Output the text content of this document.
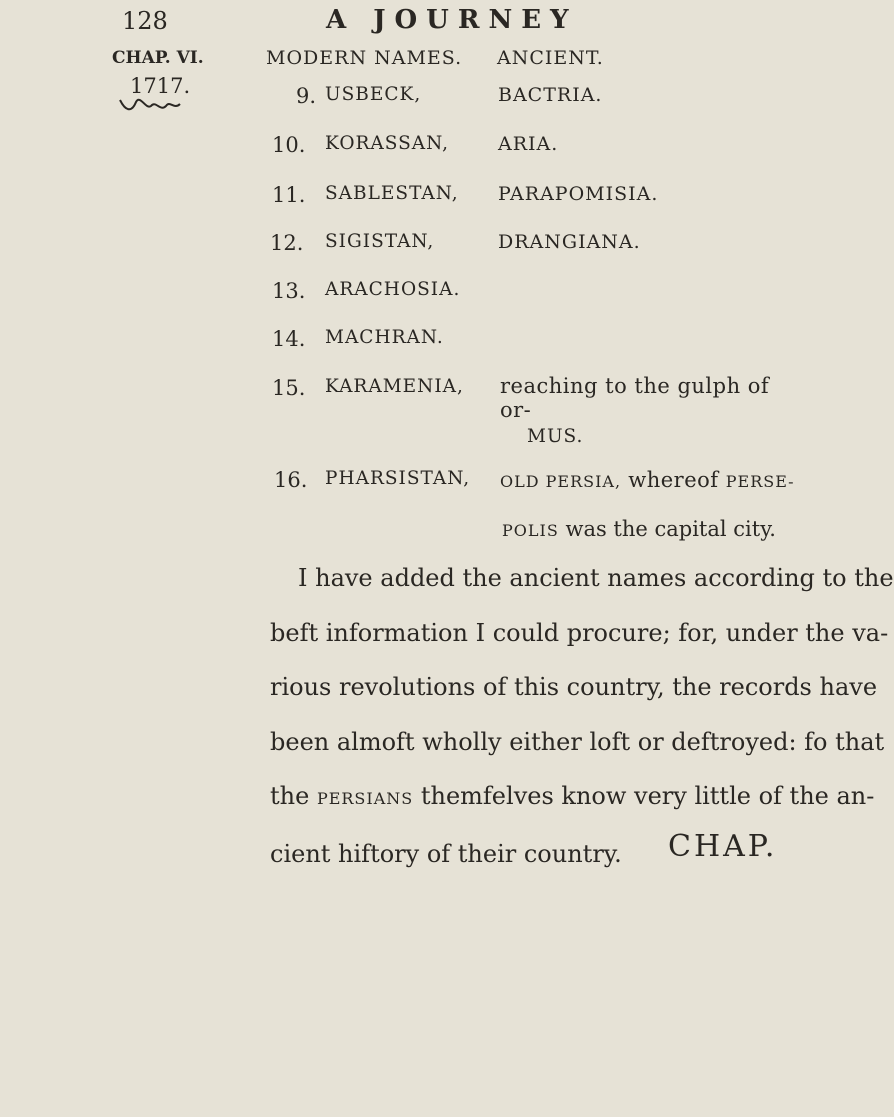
128	A JOURNEY
CHAP. VI.
1717.
MODERN NAMES. ANCIENT.
9. USBECK,	BACTRIA.
10. KORASSAN,	ARIA.
11. SABLESTAN, PARAPOMISIA.
12. SIGISTAN,	DRANGIANA.
13. ARACHOSIA.
14. MACHRAN.
15. KARAMENIA, reaching to the gulph of or-
MUS.
16. PHARSISTAN, OLD PERSIA, whereof PERSE-
POLIS was the capital city.
I have added the ancient names according to the
beft information I could procure; for, under the va-
rious revolutions of this country, the records have
been almoft wholly either loft or deftroyed: fo that
the PERSIANS themfelves know very little of the an-
cient hiftory of their country.	CHAP.
